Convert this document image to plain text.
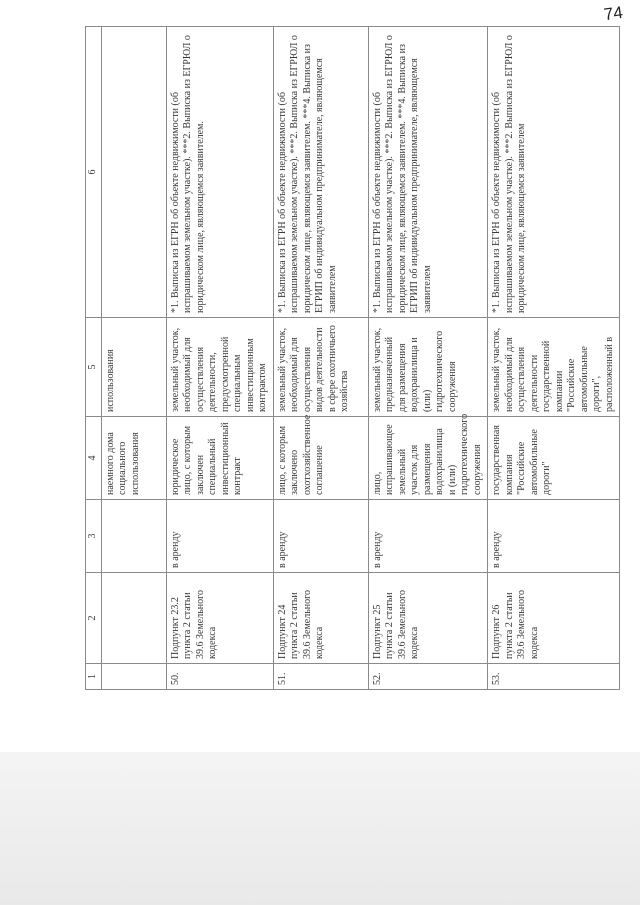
74
1	2	3	4	5	6
			наемного дома социального использования	использования	
50.	Подпункт 23.2 пункта 2 статьи 39.6 Земельного кодекса	в аренду	юридическое лицо, с которым заключен специальный инвестиционный контракт	земельный участок, необходимый для осуществления деятельности, предусмотренной специальным инвестиционным контрактом	*1. Выписка из ЕГРН об объекте недвижимости (об испрашиваемом земельном участке). ***2. Выписка из ЕГРЮЛ о юридическом лице, являющемся заявителем.
51.	Подпункт 24 пункта 2 статьи 39.6 Земельного кодекса	в аренду	лицо, с которым заключено охотхозяйственное соглашение	земельный участок, необходимый для осуществления видов деятельности в сфере охотничьего хозяйства	*1. Выписка из ЕГРН об объекте недвижимости (об испрашиваемом земельном участке). ***2. Выписка из ЕГРЮЛ о юридическом лице, являющемся заявителем. ***4. Выписка из ЕГРИП об индивидуальном предпринимателе, являющемся заявителем
52.	Подпункт 25 пункта 2 статьи 39.6 Земельного кодекса	в аренду	лицо, испрашивающее земельный участок для размещения водохранилища и (или) гидротехнического сооружения	земельный участок, предназначенный для размещения водохранилища и (или) гидротехнического сооружения	*1. Выписка из ЕГРН об объекте недвижимости (об испрашиваемом земельном участке). ***2. Выписка из ЕГРЮЛ о юридическом лице, являющемся заявителем. ***4. Выписка из ЕГРИП об индивидуальном предпринимателе, являющемся заявителем
53.	Подпункт 26 пункта 2 статьи 39.6 Земельного кодекса	в аренду	государственная компания "Российские автомобильные дороги"	земельный участок, необходимый для осуществления деятельности государственной компании "Российские автомобильные дороги", расположенный в	*1. Выписка из ЕГРН об объекте недвижимости (об испрашиваемом земельном участке). ***2. Выписка из ЕГРЮЛ о юридическом лице, являющемся заявителем
